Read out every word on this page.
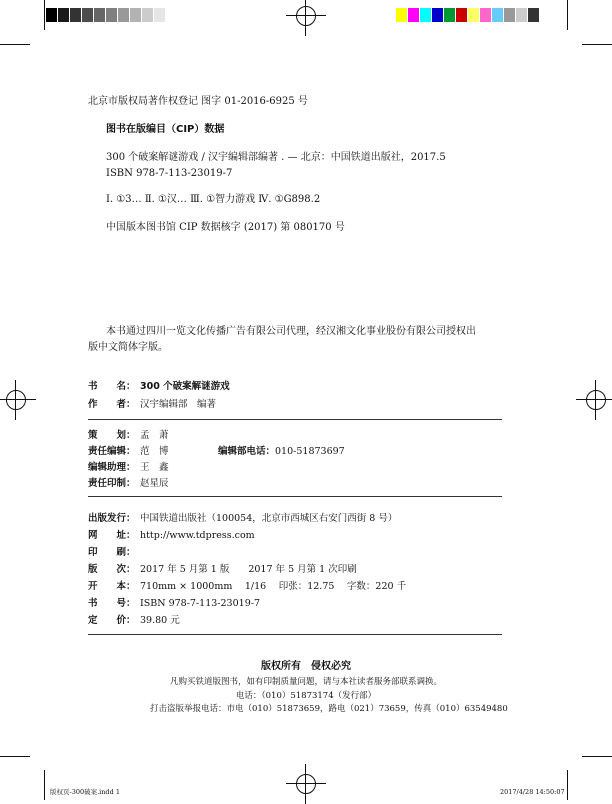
北京市版权局著作权登记 图字 01-2016-6925 号
图书在版编目（CIP）数据
300 个破案解谜游戏 / 汉宇编辑部编著 . — 北京：中国铁道出版社，2017.5
ISBN 978-7-113-23019-7
Ⅰ. ①3… Ⅱ. ①汉… Ⅲ. ①智力游戏 Ⅳ. ①G898.2
中国版本图书馆 CIP 数据核字 (2017) 第 080170 号
本书通过四川一览文化传播广告有限公司代理，经汉湘文化事业股份有限公司授权出
版中文简体字版。
书　　名： 300 个破案解谜游戏
作　　者： 汉宇编辑部　编著
策　　划： 孟　萧
责任编辑： 范　博	编辑部电话： 010-51873697
编辑助理： 王　鑫
责任印制： 赵星辰
出版发行： 中国铁道出版社（100054，北京市西城区右安门西街 8 号）
网　　址： http://www.tdpress.com
印　　刷：
版　　次： 2017 年 5 月第 1 版　　2017 年 5 月第 1 次印刷
开　　本： 710mm × 1000mm　 1/16　 印张：12.75　 字数：220 千
书　　号： ISBN 978-7-113-23019-7
定　　价： 39.80 元
版权所有　侵权必究
凡购买铁道版图书，如有印制质量问题，请与本社读者服务部联系调换。
电话：（010）51873174（发行部）
打击盗版举报电话：市电（010）51873659，路电（021）73659，传真（010）63549480
版权页-300破案.indd 1	2017/4/28 14:50:07
